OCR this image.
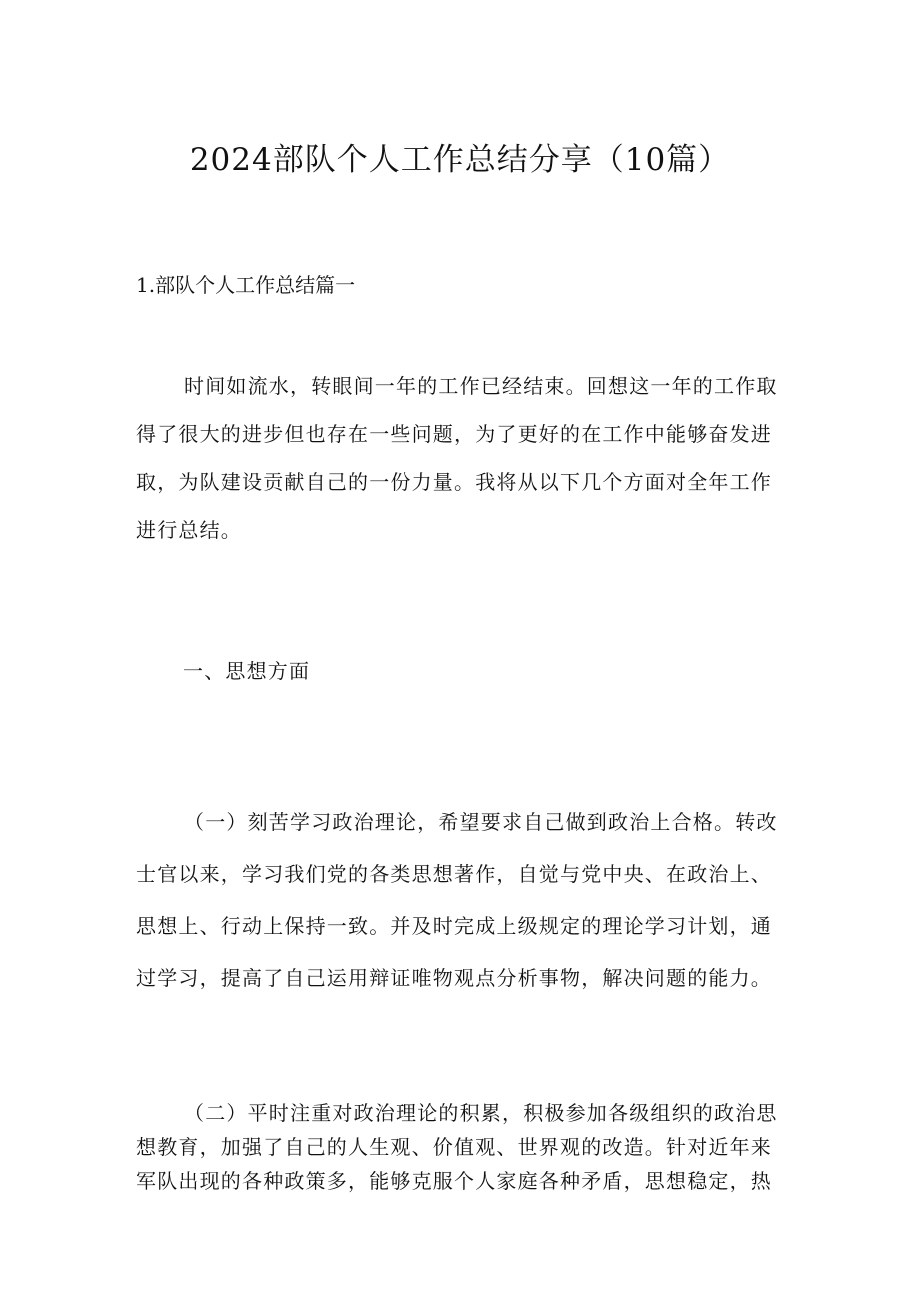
2024部队个人工作总结分享（10篇）
1.部队个人工作总结篇一
时间如流水，转眼间一年的工作已经结束。回想这一年的工作取
得了很大的进步但也存在一些问题，为了更好的在工作中能够奋发进
取，为队建设贡献自己的一份力量。我将从以下几个方面对全年工作
进行总结。
一、思想方面
（一）刻苦学习政治理论，希望要求自己做到政治上合格。转改
士官以来，学习我们党的各类思想著作，自觉与党中央、在政治上、
思想上、行动上保持一致。并及时完成上级规定的理论学习计划，通
过学习，提高了自己运用辩证唯物观点分析事物，解决问题的能力。
（二）平时注重对政治理论的积累，积极参加各级组织的政治思
想教育，加强了自己的人生观、价值观、世界观的改造。针对近年来
军队出现的各种政策多，能够克服个人家庭各种矛盾，思想稳定，热
